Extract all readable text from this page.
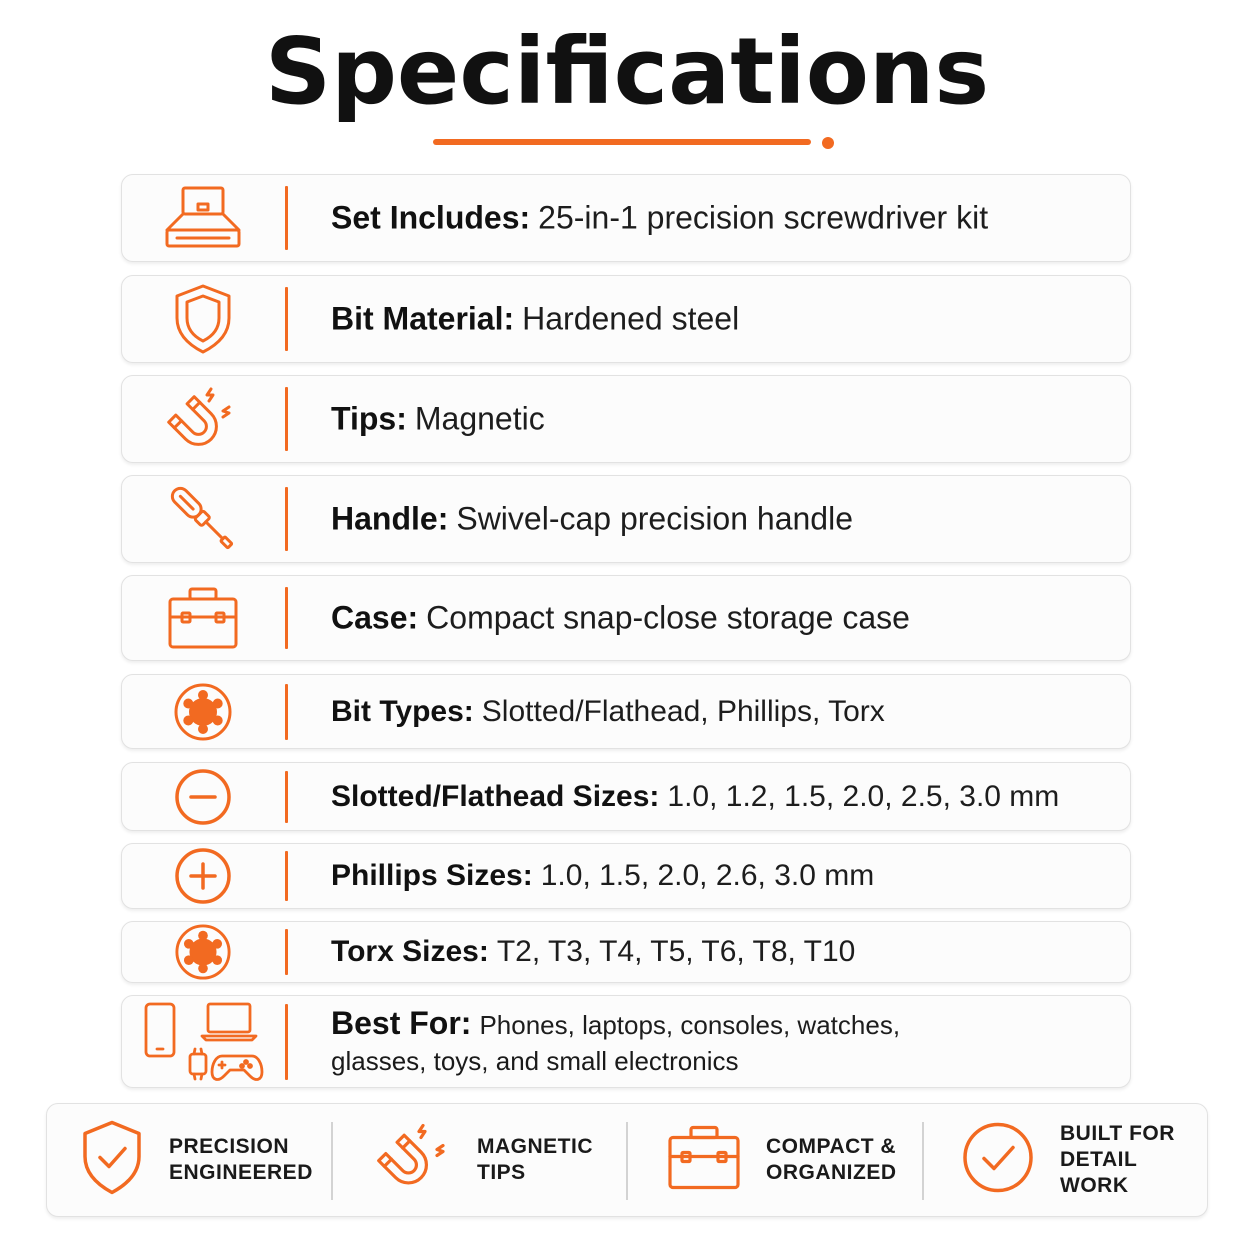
Specifications
Set Includes: 25-in-1 precision screwdriver kit
Bit Material: Hardened steel
Tips: Magnetic
Handle: Swivel-cap precision handle
Case: Compact snap-close storage case
Bit Types: Slotted/Flathead, Phillips, Torx
Slotted/Flathead Sizes: 1.0, 1.2, 1.5, 2.0, 2.5, 3.0 mm
Phillips Sizes: 1.0, 1.5, 2.0, 2.6, 3.0 mm
Torx Sizes: T2, T3, T4, T5, T6, T8, T10
Best For: Phones, laptops, consoles, watches,
glasses, toys, and small electronics
PRECISION
ENGINEERED
MAGNETIC
TIPS
COMPACT &
ORGANIZED
BUILT FOR
DETAIL WORK
